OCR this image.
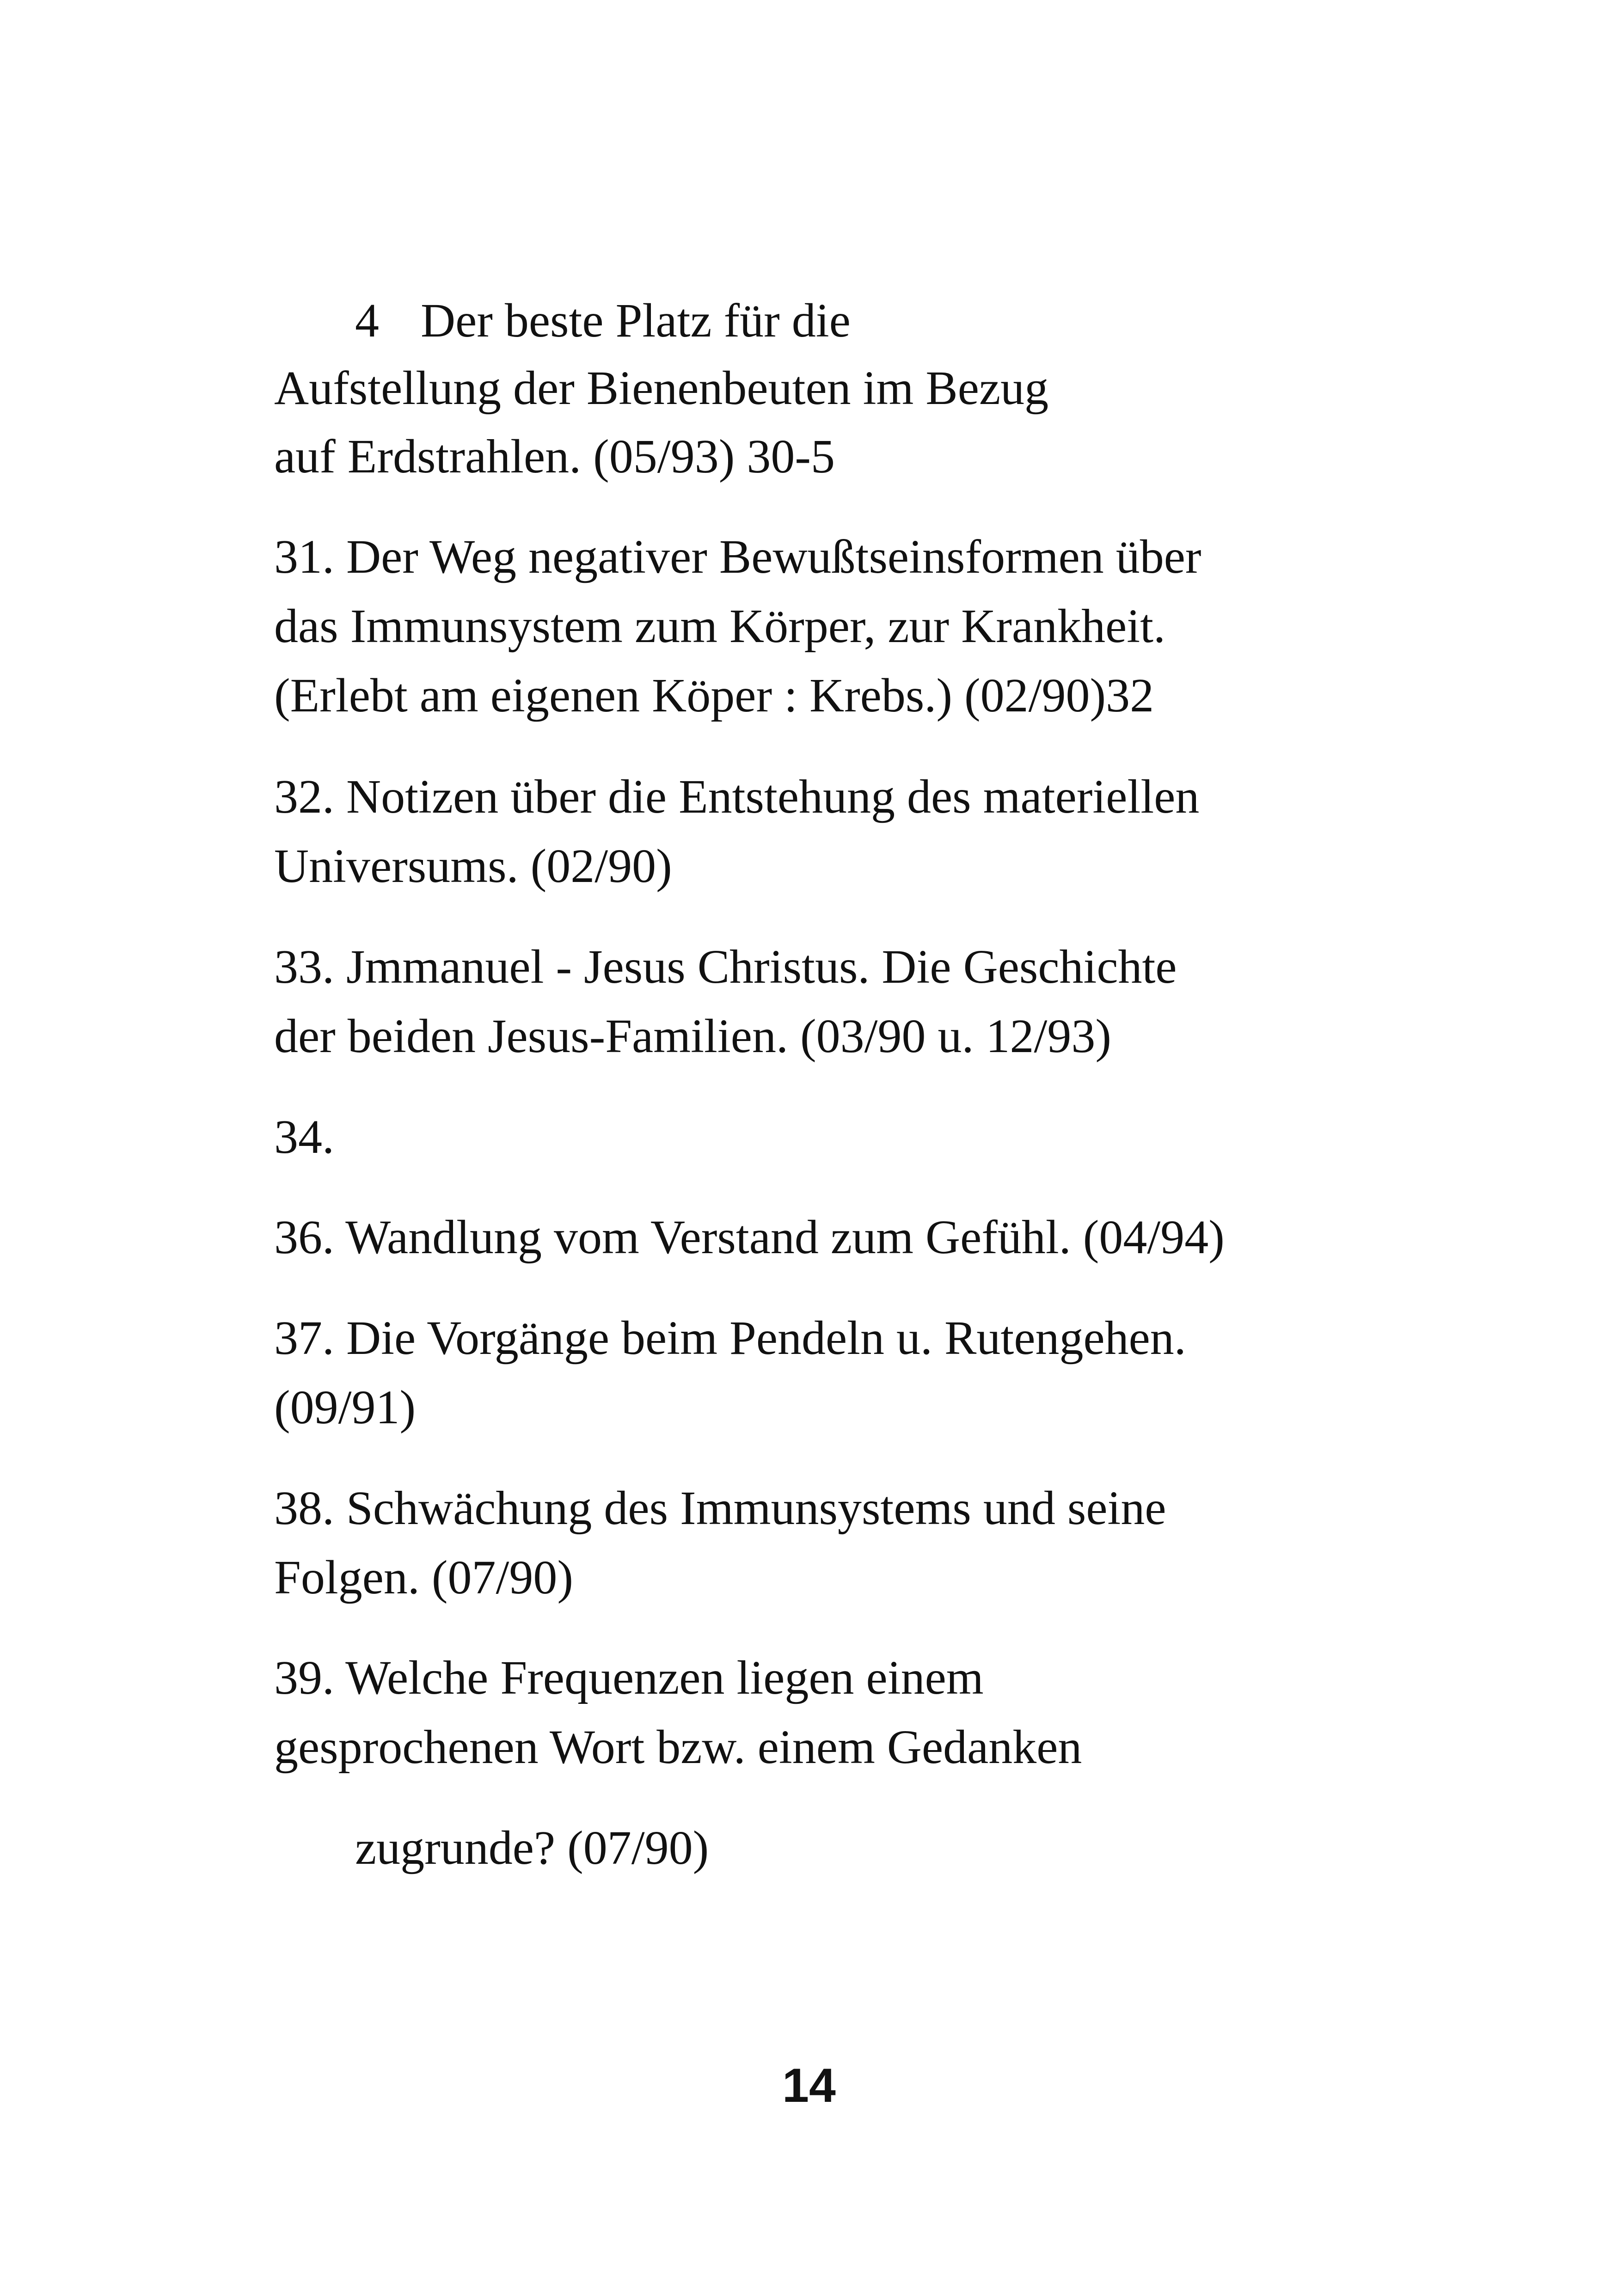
4 Der beste Platz für die

Aufstellung der Bienenbeuten im Bezug

auf Erdstrahlen. (05/93) 30-5

31. Der Weg negativer Bewußtseinsformen über

das Immunsystem zum Körper, zur Krankheit.

(Erlebt am eigenen Köper : Krebs.) (02/90)32

32. Notizen über die Entstehung des materiellen

Universums. (02/90)

33. Jmmanuel - Jesus Christus. Die Geschichte

der beiden Jesus-Familien. (03/90 u. 12/93)

34.

36. Wandlung vom Verstand zum Gefühl. (04/94)

37. Die Vorgänge beim Pendeln u. Rutengehen.

(09/91)

38. Schwächung des Immunsystems und seine

Folgen. (07/90)

39. Welche Frequenzen liegen einem

gesprochenen Wort bzw. einem Gedanken

zugrunde? (07/90)

14
